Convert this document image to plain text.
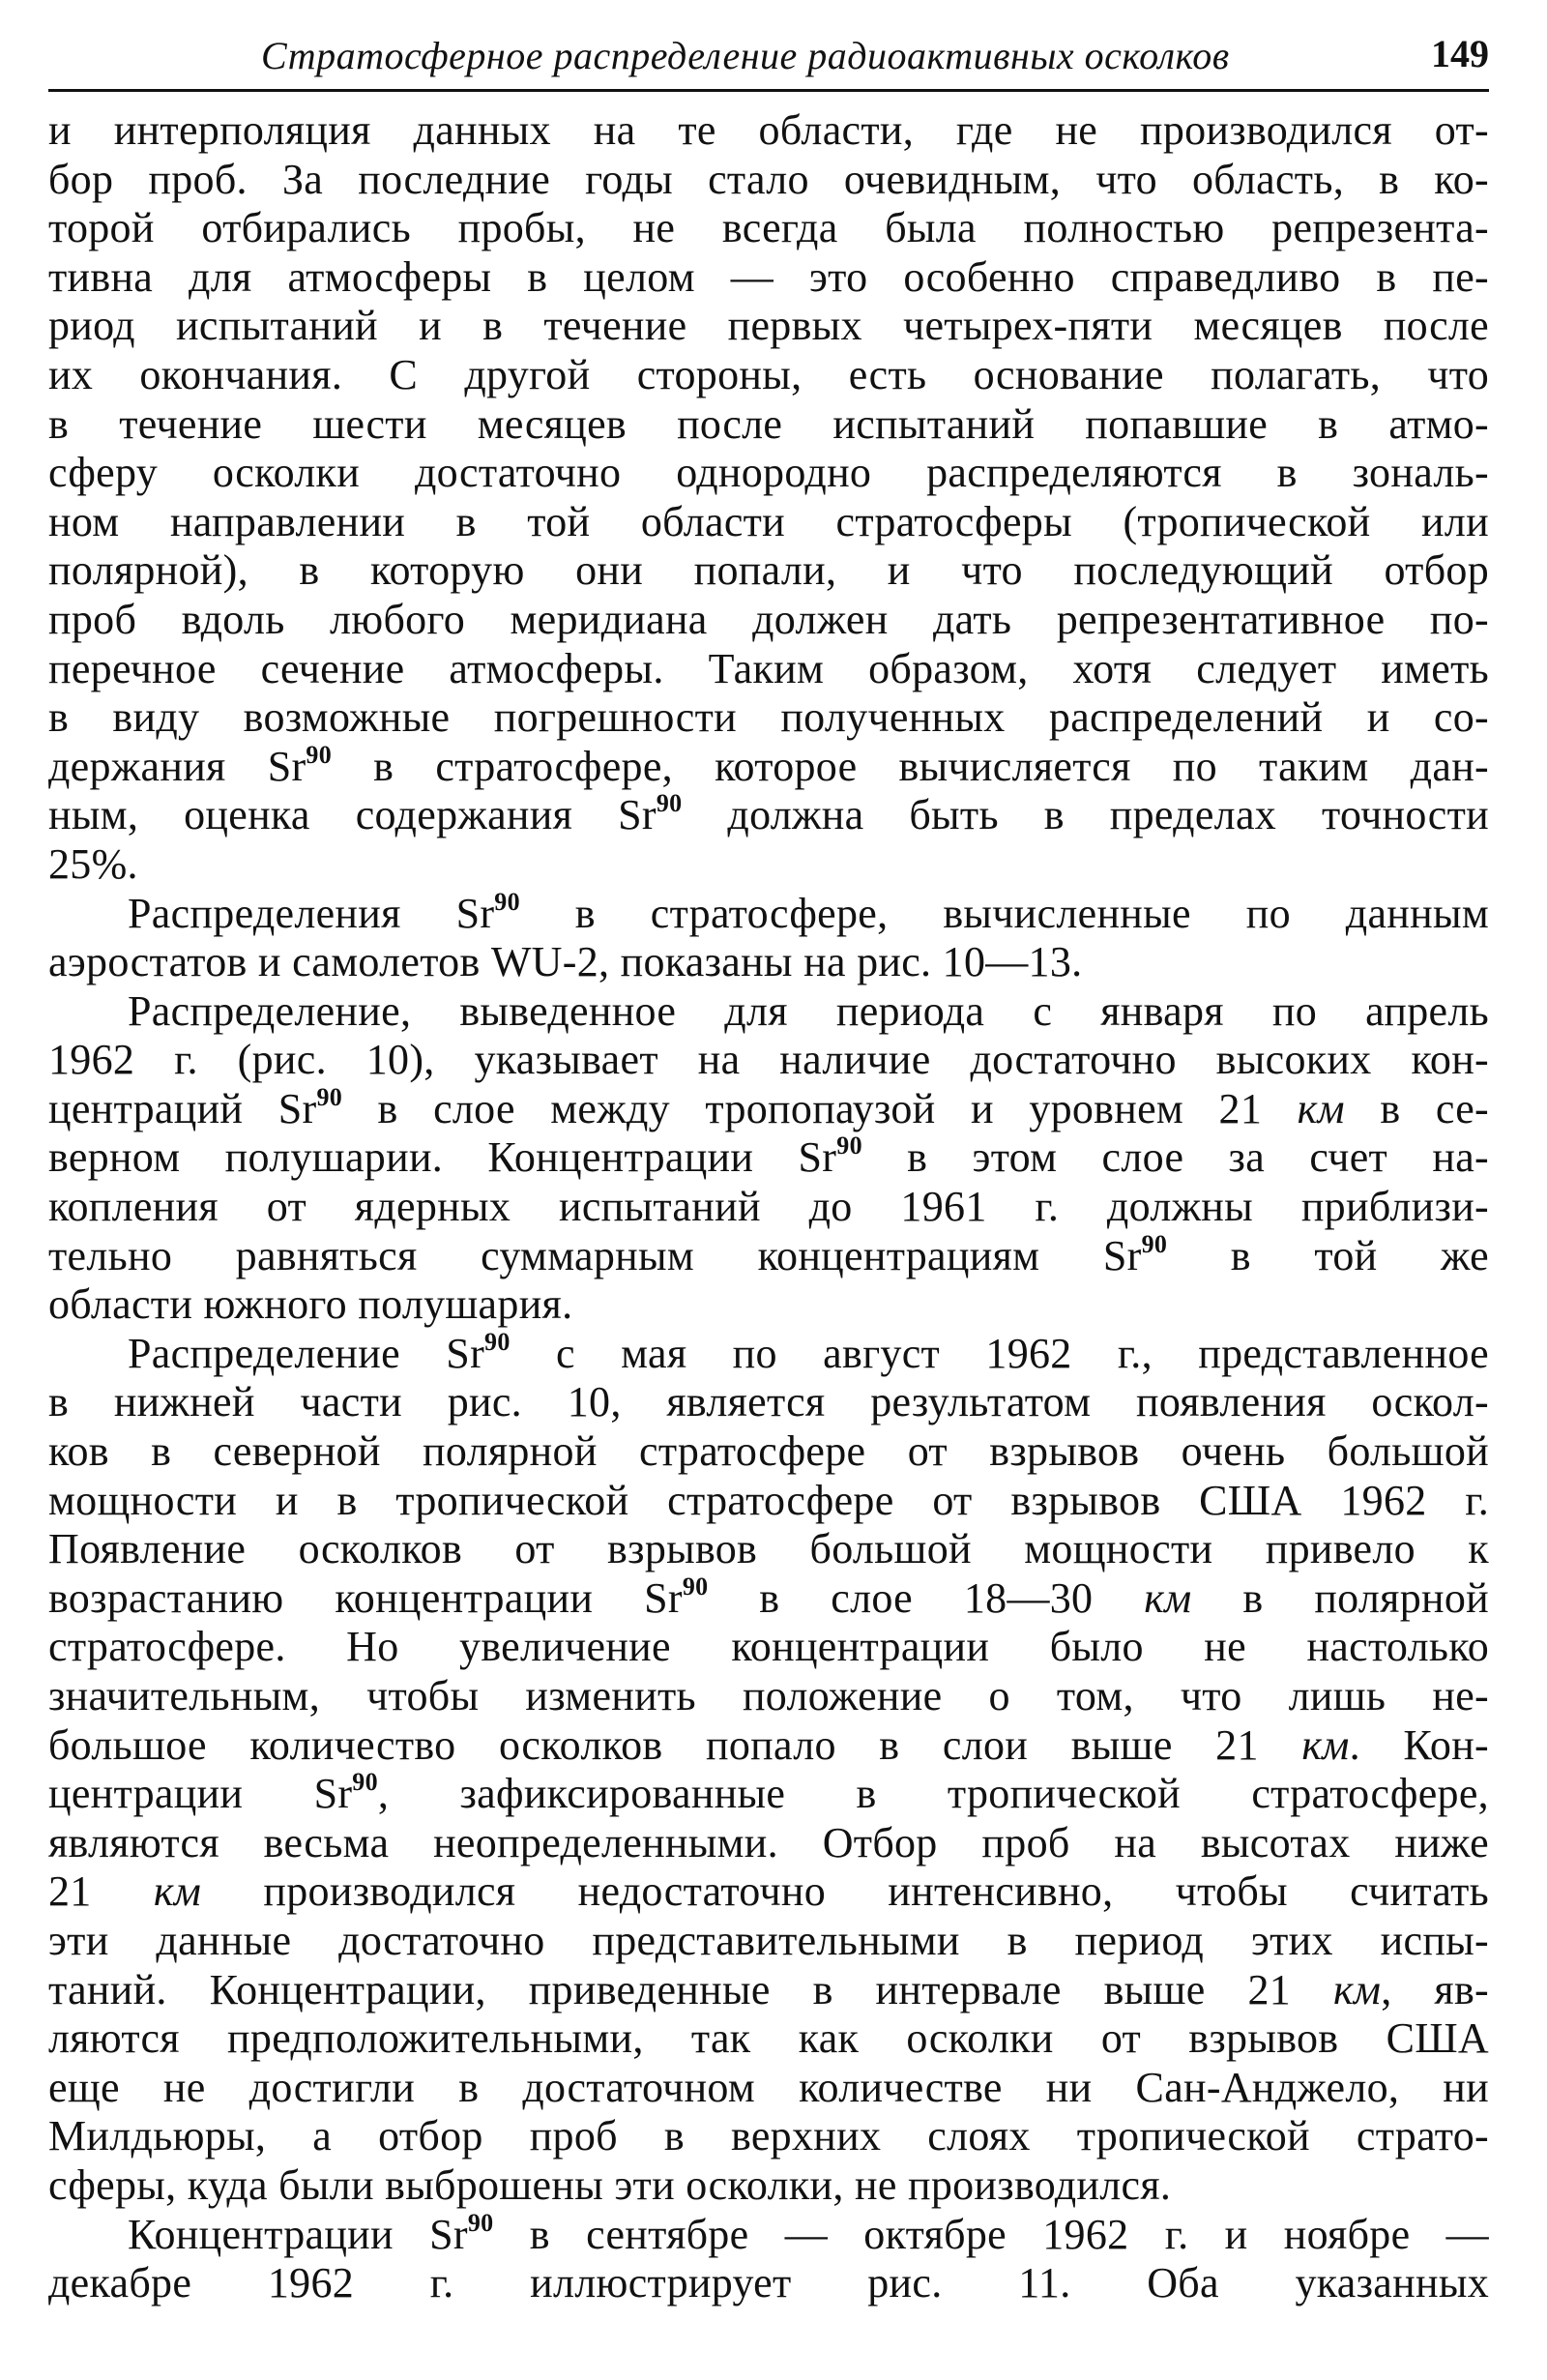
Стратосферное распределение радиоактивных осколков	149
и интерполяция данных на те области, где не производился от-
бор проб. За последние годы стало очевидным, что область, в ко-
торой отбирались пробы, не всегда была полностью репрезента-
тивна для атмосферы в целом — это особенно справедливо в пе-
риод испытаний и в течение первых четырех-пяти месяцев после
их окончания. С другой стороны, есть основание полагать, что
в течение шести месяцев после испытаний попавшие в атмо-
сферу осколки достаточно однородно распределяются в зональ-
ном направлении в той области стратосферы (тропической или
полярной), в которую они попали, и что последующий отбор
проб вдоль любого меридиана должен дать репрезентативное по-
перечное сечение атмосферы. Таким образом, хотя следует иметь
в виду возможные погрешности полученных распределений и со-
держания Sr$^{90}$ в стратосфере, которое вычисляется по таким дан-
ным, оценка содержания Sr$^{90}$ должна быть в пределах точности
25%.
Распределения Sr$^{90}$ в стратосфере, вычисленные по данным
аэростатов и самолетов WU-2, показаны на рис. 10—13.
Распределение, выведенное для периода с января по апрель
1962 г. (рис. 10), указывает на наличие достаточно высоких кон-
центраций Sr$^{90}$ в слое между тропопаузой и уровнем 21 км в се-
верном полушарии. Концентрации Sr$^{90}$ в этом слое за счет на-
копления от ядерных испытаний до 1961 г. должны приблизи-
тельно равняться суммарным концентрациям Sr$^{90}$ в той же
области южного полушария.
Распределение Sr$^{90}$ с мая по август 1962 г., представленное
в нижней части рис. 10, является результатом появления оскол-
ков в северной полярной стратосфере от взрывов очень большой
мощности и в тропической стратосфере от взрывов США 1962 г.
Появление осколков от взрывов большой мощности привело к
возрастанию концентрации Sr$^{90}$ в слое 18—30 км в полярной
стратосфере. Но увеличение концентрации было не настолько
значительным, чтобы изменить положение о том, что лишь не-
большое количество осколков попало в слои выше 21 км. Кон-
центрации Sr$^{90}$, зафиксированные в тропической стратосфере,
являются весьма неопределенными. Отбор проб на высотах ниже
21 км производился недостаточно интенсивно, чтобы считать
эти данные достаточно представительными в период этих испы-
таний. Концентрации, приведенные в интервале выше 21 км, яв-
ляются предположительными, так как осколки от взрывов США
еще не достигли в достаточном количестве ни Сан-Анджело, ни
Милдьюры, а отбор проб в верхних слоях тропической страто-
сферы, куда были выброшены эти осколки, не производился.
Концентрации Sr$^{90}$ в сентябре — октябре 1962 г. и ноябре —
декабре 1962 г. иллюстрирует рис. 11. Оба указанных
